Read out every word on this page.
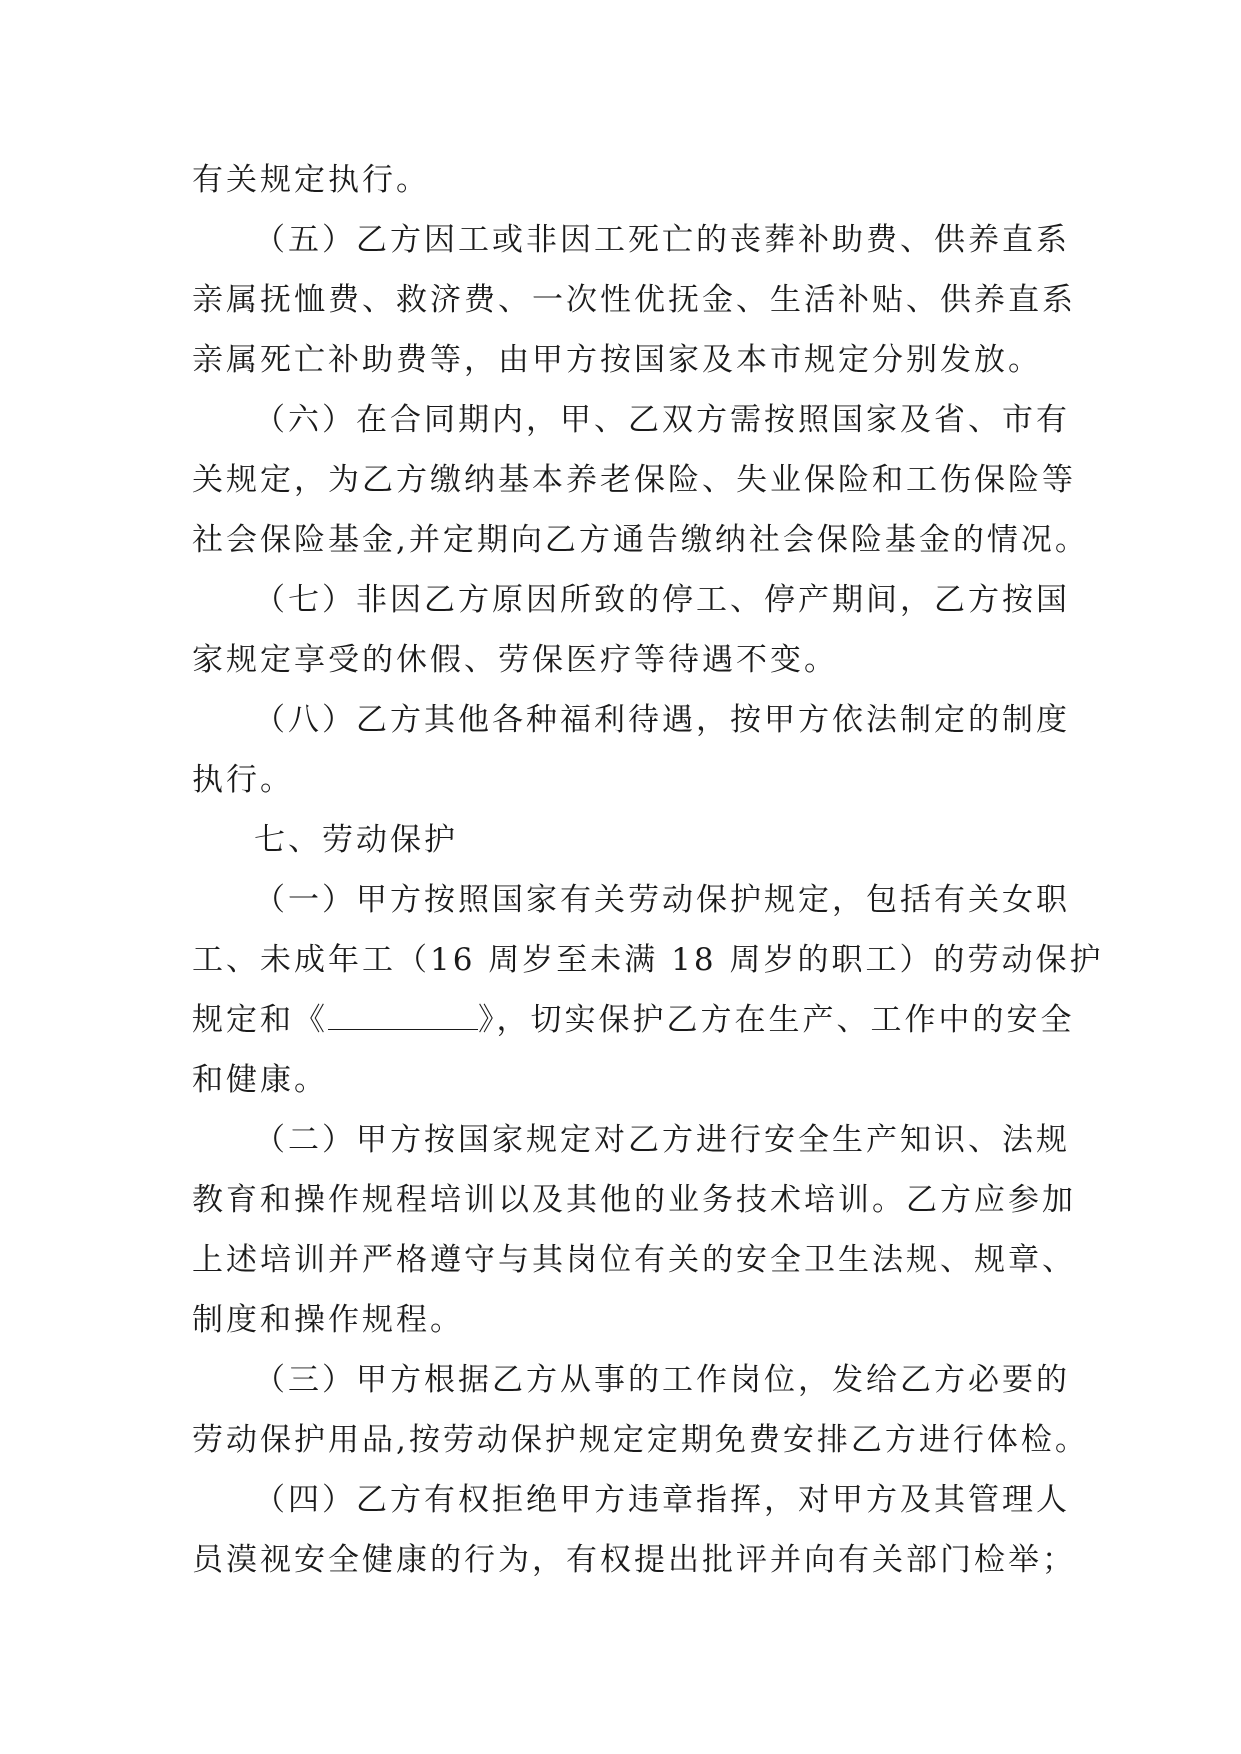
有关规定执行。
（五）乙方因工或非因工死亡的丧葬补助费、供养直系
亲属抚恤费、救济费、一次性优抚金、生活补贴、供养直系
亲属死亡补助费等，由甲方按国家及本市规定分别发放。
（六）在合同期内，甲、乙双方需按照国家及省、市有
关规定，为乙方缴纳基本养老保险、失业保险和工伤保险等
社会保险基金,并定期向乙方通告缴纳社会保险基金的情况。
（七）非因乙方原因所致的停工、停产期间，乙方按国
家规定享受的休假、劳保医疗等待遇不变。
（八）乙方其他各种福利待遇，按甲方依法制定的制度
执行。
七、劳动保护
（一）甲方按照国家有关劳动保护规定，包括有关女职
工、未成年工（16 周岁至未满 18 周岁的职工）的劳动保护
规定和《	》，切实保护乙方在生产、工作中的安全
和健康。
（二）甲方按国家规定对乙方进行安全生产知识、法规
教育和操作规程培训以及其他的业务技术培训。乙方应参加
上述培训并严格遵守与其岗位有关的安全卫生法规、规章、
制度和操作规程。
（三）甲方根据乙方从事的工作岗位，发给乙方必要的
劳动保护用品,按劳动保护规定定期免费安排乙方进行体检。
（四）乙方有权拒绝甲方违章指挥，对甲方及其管理人
员漠视安全健康的行为，有权提出批评并向有关部门检举；
